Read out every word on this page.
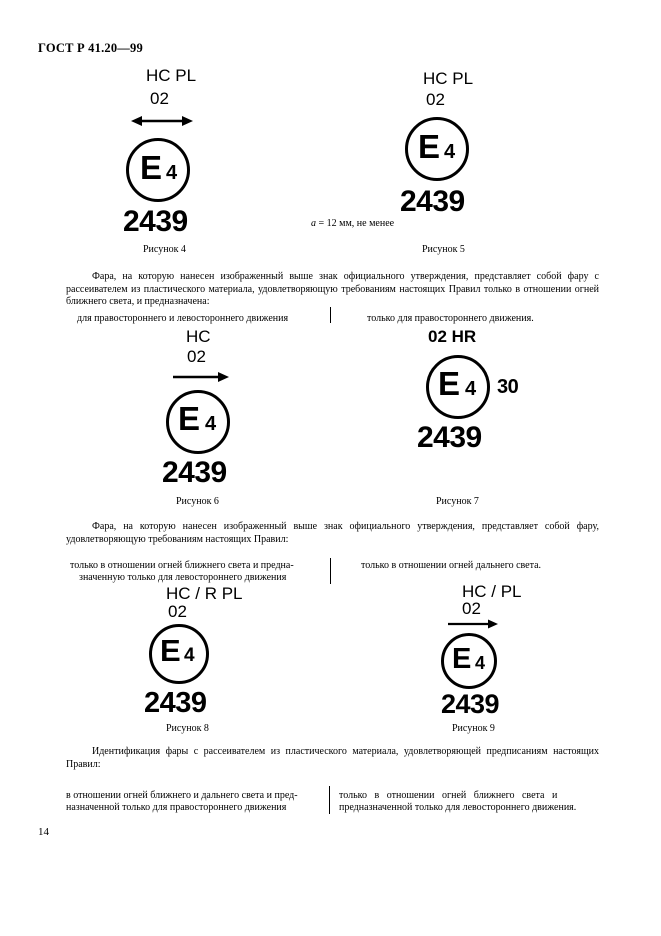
ГОСТ Р 41.20—99
HC PL
02
E 4
2439
Рисунок 4
HC PL
02
E 4
2439
a = 12 мм, не менее
Рисунок 5
Фара, на которую нанесен изображенный выше знак официального утверждения, представляет собой фару с рассеивателем из пластического материала, удовлетворяющую требованиям настоящих Правил только в отношении огней ближнего света, и предназначена:
для правостороннего и левостороннего движения	только для правостороннего движения.
HC
02
E 4
2439
Рисунок 6
02 HR
E 4 30
2439
Рисунок 7
Фара, на которую нанесен изображенный выше знак официального утверждения, представляет собой фару, удовлетворяющую требованиям настоящих Правил:
только в отношении огней ближнего света и предна-
значенную только для левостороннего движения
только в отношении огней дальнего света.
HC / R PL
02
E 4
2439
Рисунок 8
HC / PL
02
E 4
2439
Рисунок 9
Идентификация фары с рассеивателем из пластического материала, удовлетворяющей предписаниям настоящих Правил:
в отношении огней ближнего и дальнего света и пред-
назначенной только для правостороннего движения
только   в   отношении   огней   ближнего   света   и
предназначенной только для левостороннего движения.
14
